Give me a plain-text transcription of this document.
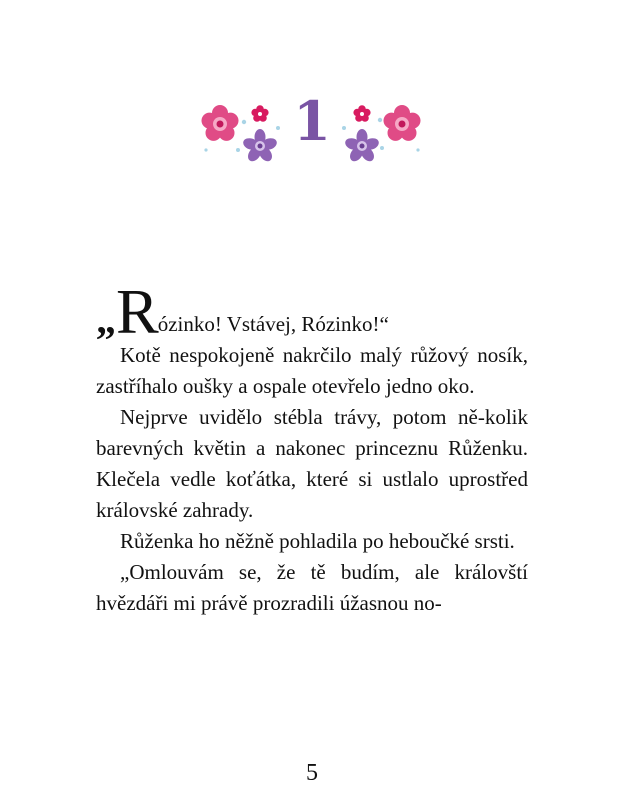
1

„Rózinko! Vstávej, Rózinko!“

Kotě nespokojeně nakrčilo malý růžový nosík, zastříhalo oušky a ospale otevřelo jedno oko.

Nejprve uvidělo stébla trávy, potom ně-kolik barevných květin a nakonec princeznu Růženku. Klečela vedle koťátka, které si ustlalo uprostřed královské zahrady.

Růženka ho něžně pohladila po heboučké srsti.

„Omlouvám se, že tě budím, ale královští hvězdáři mi právě prozradili úžasnou no-

5
